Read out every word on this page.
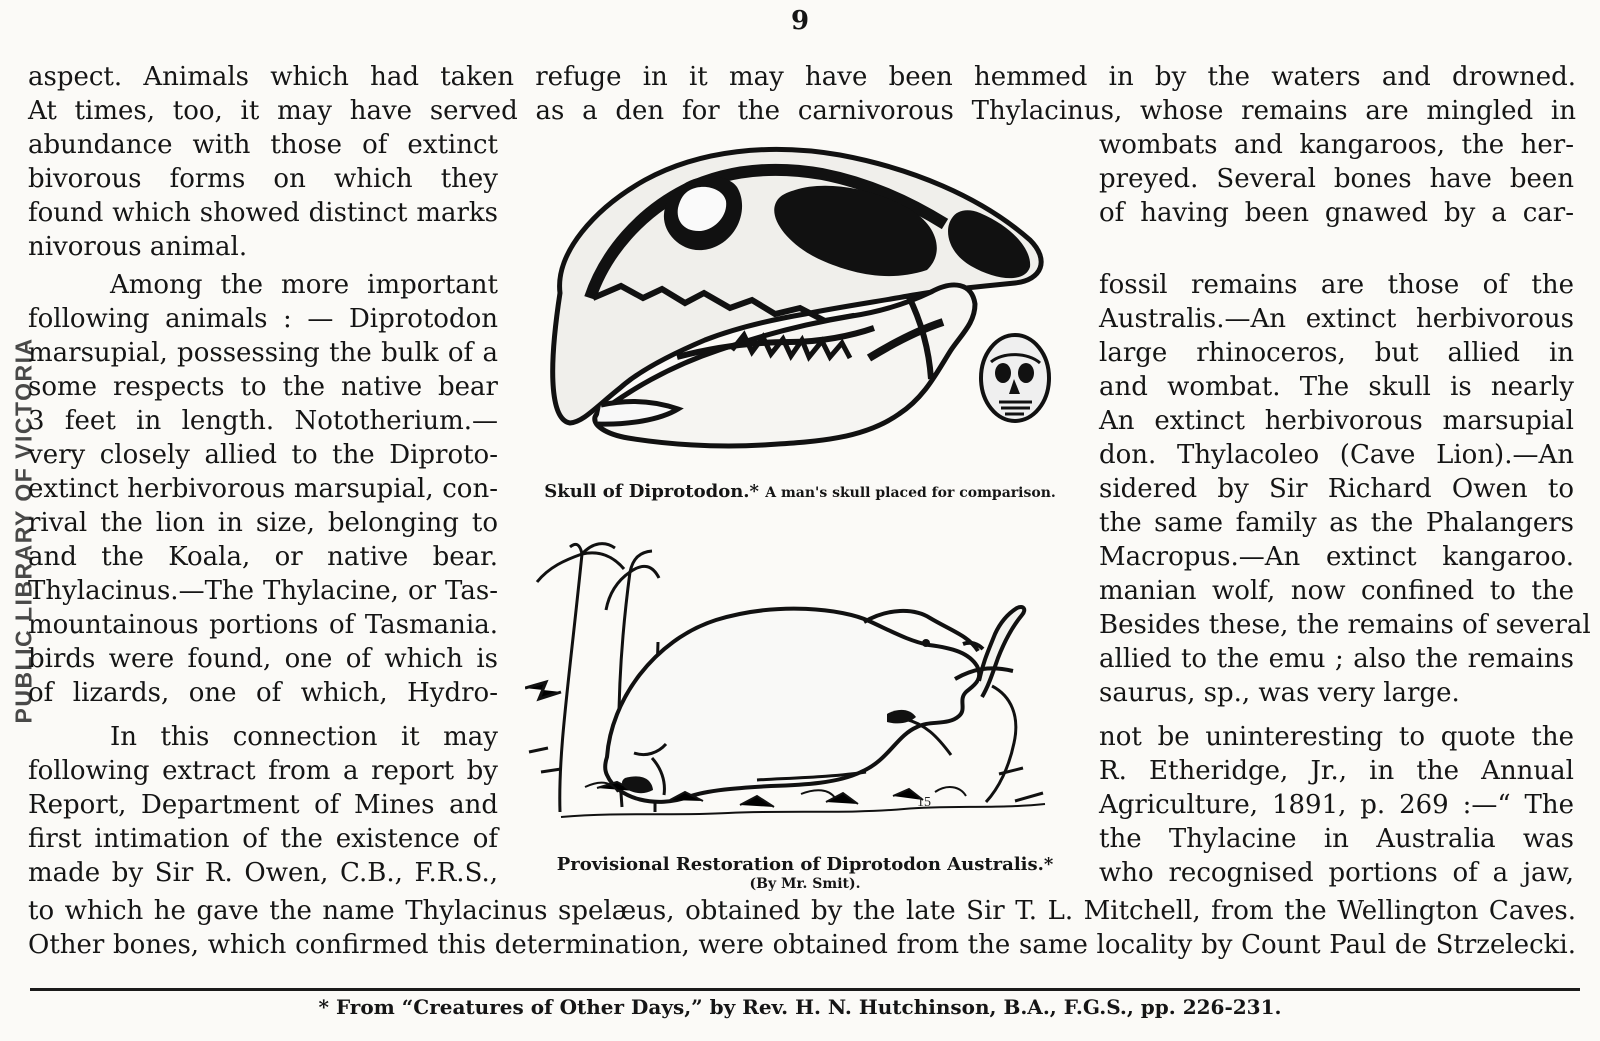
9
aspect. Animals which had taken refuge in it may have been hemmed in by the waters and drowned.
At times, too, it may have served as a den for the carnivorous Thylacinus, whose remains are mingled in
PUBLIC LIBRARY OF VICTORIA
abundance with those of extinct
bivorous forms on which they
found which showed distinct marks
nivorous animal.
Among the more important
following animals : — Diprotodon
marsupial, possessing the bulk of a
some respects to the native bear
3 feet in length. Nototherium.—
very closely allied to the Diproto-
extinct herbivorous marsupial, con-
rival the lion in size, belonging to
and the Koala, or native bear.
Thylacinus.—The Thylacine, or Tas-
mountainous portions of Tasmania.
birds were found, one of which is
of lizards, one of which, Hydro-
In this connection it may
following extract from a report by
Report, Department of Mines and
first intimation of the existence of
made by Sir R. Owen, C.B., F.R.S.,
wombats and kangaroos, the her-
preyed. Several bones have been
of having been gnawed by a car-
fossil remains are those of the
Australis.—An extinct herbivorous
large rhinoceros, but allied in
and wombat. The skull is nearly
An extinct herbivorous marsupial
don. Thylacoleo (Cave Lion).—An
sidered by Sir Richard Owen to
the same family as the Phalangers
Macropus.—An extinct kangaroo.
manian wolf, now confined to the
Besides these, the remains of several
allied to the emu ; also the remains
saurus, sp., was very large.
not be uninteresting to quote the
R. Etheridge, Jr., in the Annual
Agriculture, 1891, p. 269 :—“ The
the Thylacine in Australia was
who recognised portions of a jaw,
Skull of Diprotodon.* A man's skull placed for comparison.
15
Provisional Restoration of Diprotodon Australis.*
(By Mr. Smit).
to which he gave the name Thylacinus spelæus, obtained by the late Sir T. L. Mitchell, from the Wellington Caves.
Other bones, which confirmed this determination, were obtained from the same locality by Count Paul de Strzelecki.
* From “Creatures of Other Days,” by Rev. H. N. Hutchinson, B.A., F.G.S., pp. 226-231.
